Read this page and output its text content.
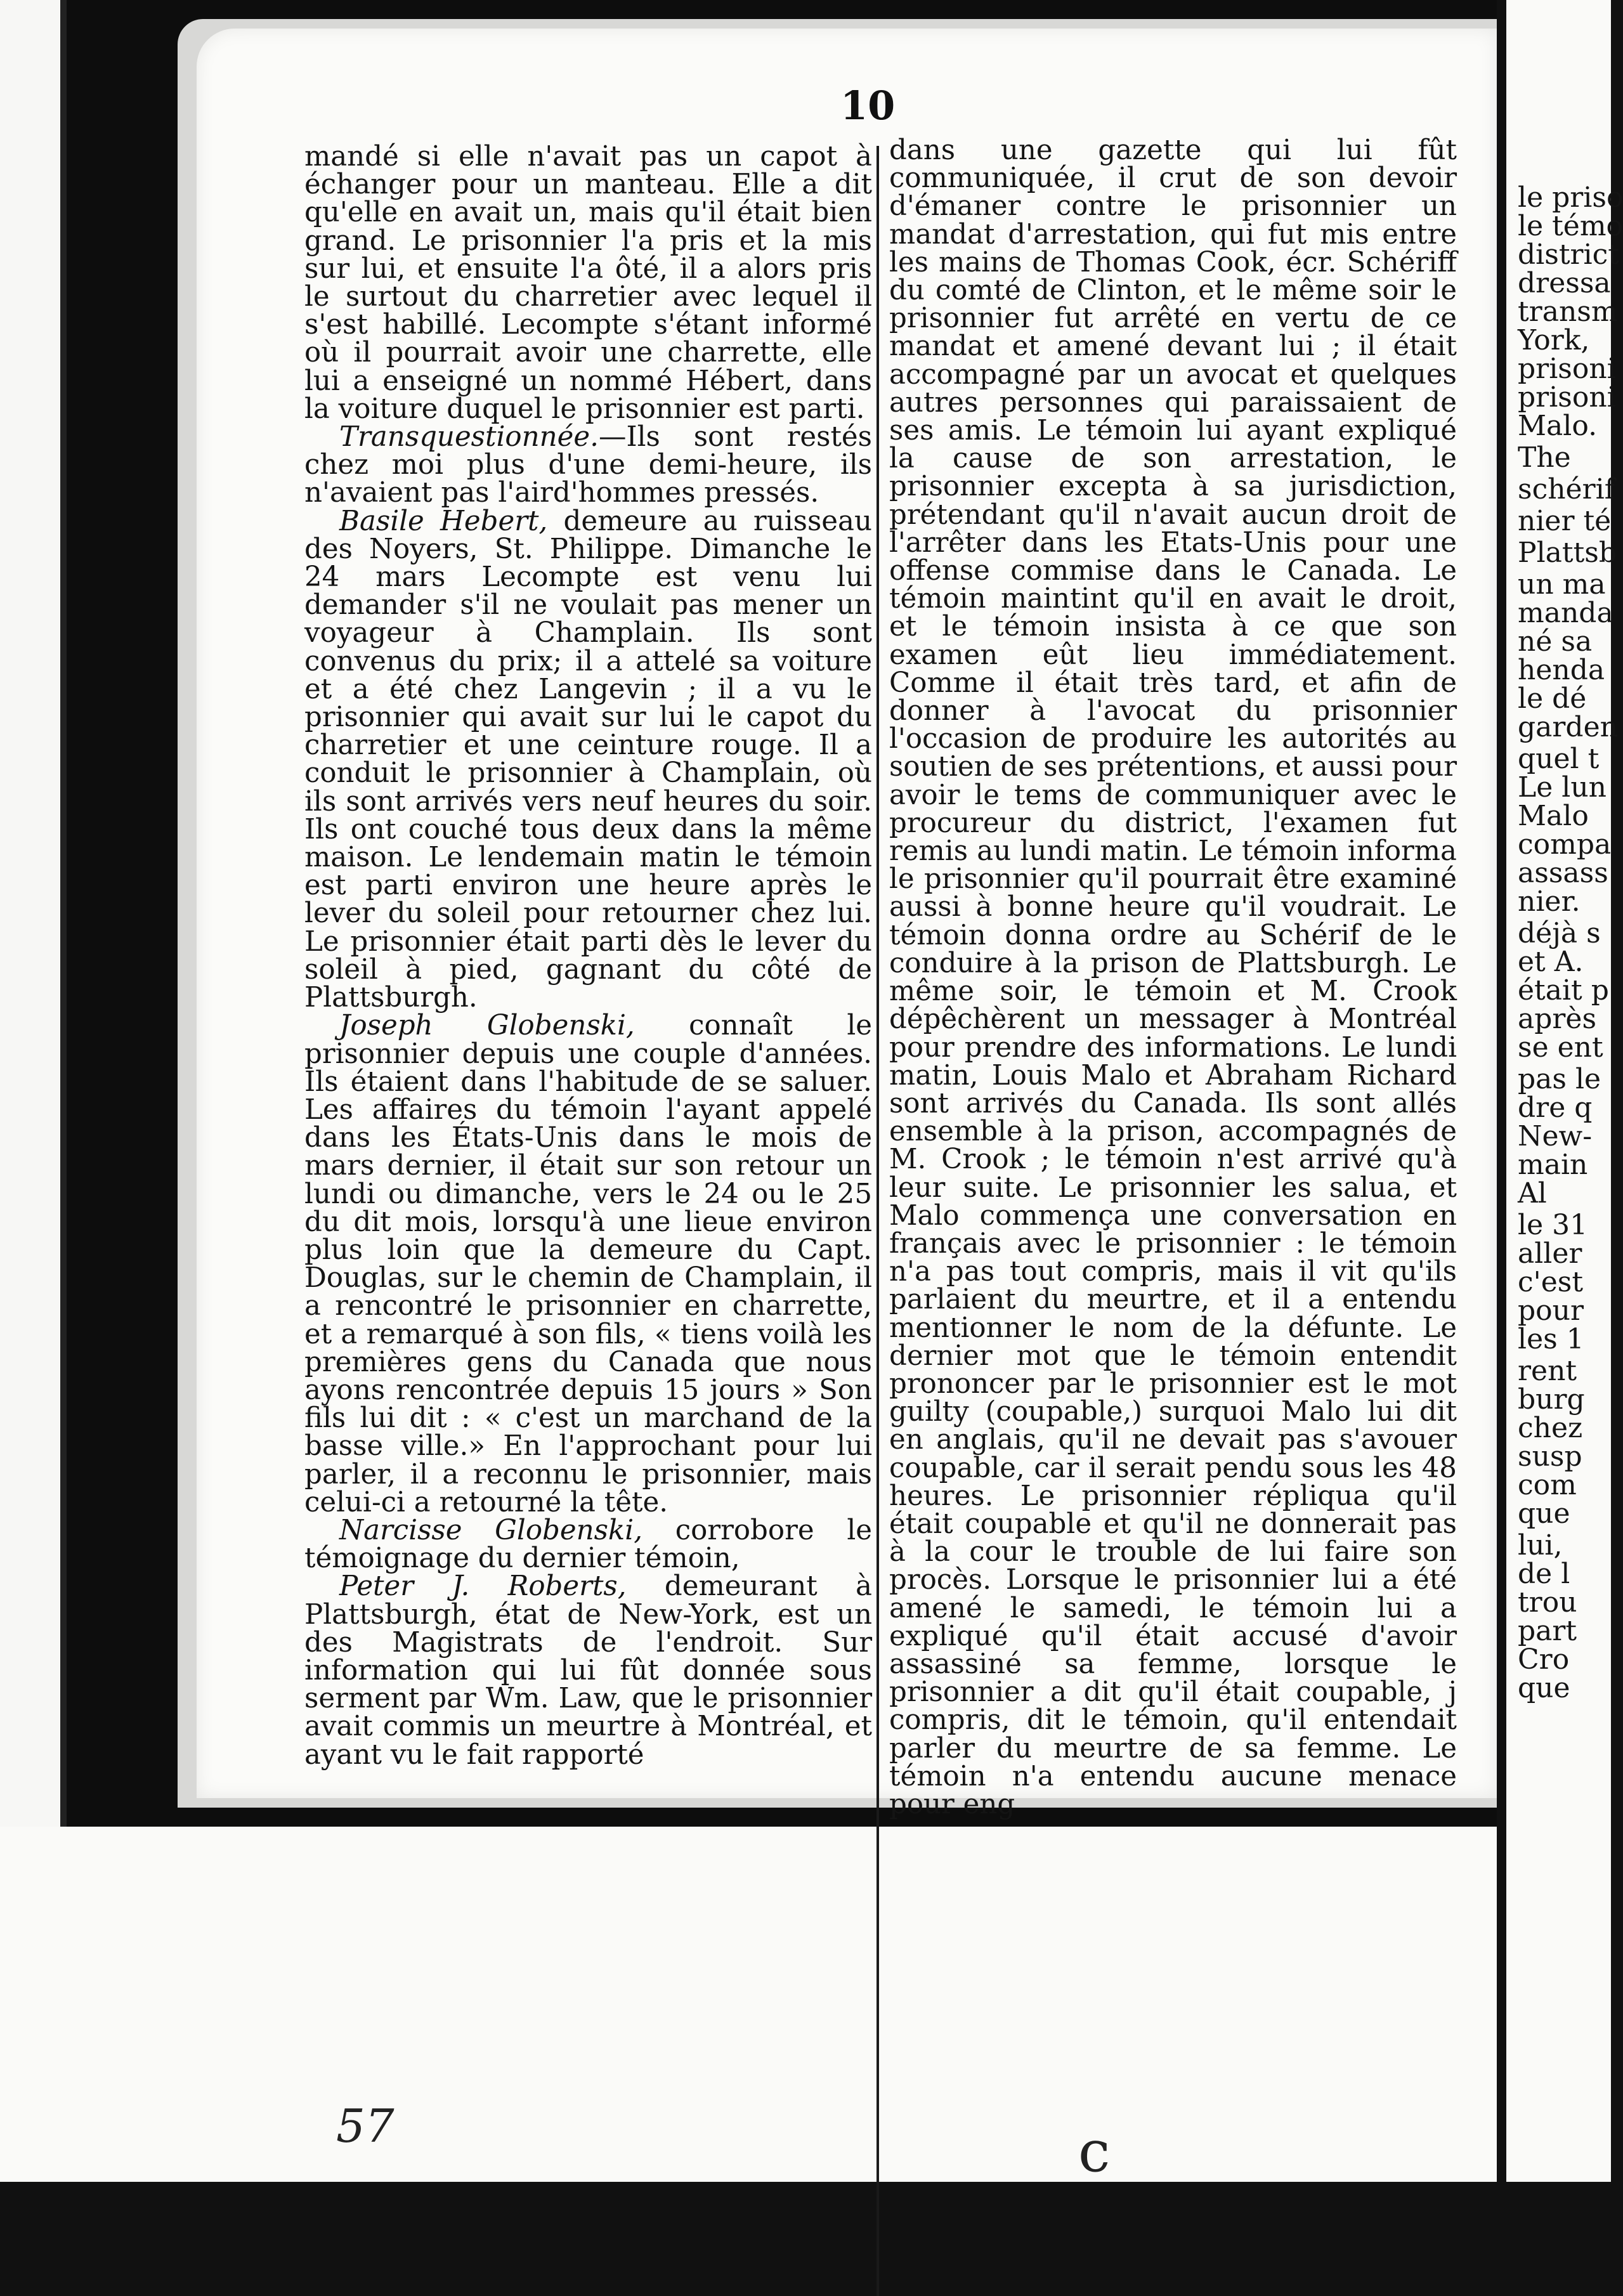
10

mandé si elle n'avait pas un capot à échanger pour un manteau. Elle a dit qu'elle en avait un, mais qu'il était bien grand. Le prisonnier l'a pris et la mis sur lui, et ensuite l'a ôté, il a alors pris le surtout du charretier avec lequel il s'est habillé. Lecompte s'étant informé où il pourrait avoir une charrette, elle lui a enseigné un nommé Hébert, dans la voiture duquel le prisonnier est parti.

Transquestionnée.—Ils sont restés chez moi plus d'une demi-heure, ils n'avaient pas l'aird'hommes pressés.

Basile Hebert, demeure au ruisseau des Noyers, St. Philippe. Dimanche le 24 mars Lecompte est venu lui demander s'il ne voulait pas mener un voyageur à Champlain. Ils sont convenus du prix; il a attelé sa voiture et a été chez Langevin ; il a vu le prisonnier qui avait sur lui le capot du charretier et une ceinture rouge. Il a conduit le prisonnier à Champlain, où ils sont arrivés vers neuf heures du soir. Ils ont couché tous deux dans la même maison. Le lendemain matin le témoin est parti environ une heure après le lever du soleil pour retourner chez lui. Le prisonnier était parti dès le lever du soleil à pied, gagnant du côté de Plattsburgh.

Joseph Globenski, connaît le prisonnier depuis une couple d'années. Ils étaient dans l'habitude de se saluer. Les affaires du témoin l'ayant appelé dans les États-Unis dans le mois de mars dernier, il était sur son retour un lundi ou dimanche, vers le 24 ou le 25 du dit mois, lorsqu'à une lieue environ plus loin que la demeure du Capt. Douglas, sur le chemin de Champlain, il a rencontré le prisonnier en charrette, et a remarqué à son fils, « tiens voilà les premières gens du Canada que nous ayons rencontrée depuis 15 jours » Son fils lui dit : « c'est un marchand de la basse ville.» En l'approchant pour lui parler, il a reconnu le prisonnier, mais celui-ci a retourné la tête.

Narcisse Globenski, corrobore le témoignage du dernier témoin,

Peter J. Roberts, demeurant à Plattsburgh, état de New-York, est un des Magistrats de l'endroit. Sur information qui lui fût donnée sous serment par Wm. Law, que le prisonnier avait commis un meurtre à Montréal, et ayant vu le fait rapporté

dans une gazette qui lui fût communiquée, il crut de son devoir d'émaner contre le prisonnier un mandat d'arrestation, qui fut mis entre les mains de Thomas Cook, écr. Schériff du comté de Clinton, et le même soir le prisonnier fut arrêté en vertu de ce mandat et amené devant lui ; il était accompagné par un avocat et quelques autres personnes qui paraissaient de ses amis. Le témoin lui ayant expliqué la cause de son arrestation, le prisonnier excepta à sa jurisdiction, prétendant qu'il n'avait aucun droit de l'arrêter dans les Etats-Unis pour une offense commise dans le Canada. Le témoin maintint qu'il en avait le droit, et le témoin insista à ce que son examen eût lieu immédiatement. Comme il était très tard, et afin de donner à l'avocat du prisonnier l'occasion de produire les autorités au soutien de ses prétentions, et aussi pour avoir le tems de communiquer avec le procureur du district, l'examen fut remis au lundi matin. Le témoin informa le prisonnier qu'il pourrait être examiné aussi à bonne heure qu'il voudrait. Le témoin donna ordre au Schérif de le conduire à la prison de Plattsburgh. Le même soir, le témoin et M. Crook dépêchèrent un messager à Montréal pour prendre des informations. Le lundi matin, Louis Malo et Abraham Richard sont arrivés du Canada. Ils sont allés ensemble à la prison, accompagnés de M. Crook ; le témoin n'est arrivé qu'à leur suite. Le prisonnier les salua, et Malo commença une conversation en français avec le prisonnier : le témoin n'a pas tout compris, mais il vit qu'ils parlaient du meurtre, et il a entendu mentionner le nom de la défunte. Le dernier mot que le témoin entendit prononcer par le prisonnier est le mot guilty (coupable,) surquoi Malo lui dit en anglais, qu'il ne devait pas s'avouer coupable, car il serait pendu sous les 48 heures. Le prisonnier répliqua qu'il était coupable et qu'il ne donnerait pas à la cour le trouble de lui faire son procès. Lorsque le prisonnier lui a été amené le samedi, le témoin lui a expliqué qu'il était accusé d'avoir assassiné sa femme, lorsque le prisonnier a dit qu'il était coupable, j compris, dit le témoin, qu'il entendait parler du meurtre de sa femme. Le témoin n'a entendu aucune menace pour eng

le priso
le témo
district
dressa
transm
York,
prisoni
prisoni
Malo.
The
schérif
nier té
Plattsb
un ma
manda
né sa
henda
le dé
garden
quel t
Le lun
Malo
compa
assass
nier.
déjà s
et A.
était p
après
se ent
pas le
dre q
New-
main
Al
le 31
aller
c'est
pour
les 1
rent
burg
chez
susp
com
que
lui,
de l
trou
part
Cro
que
57	c
